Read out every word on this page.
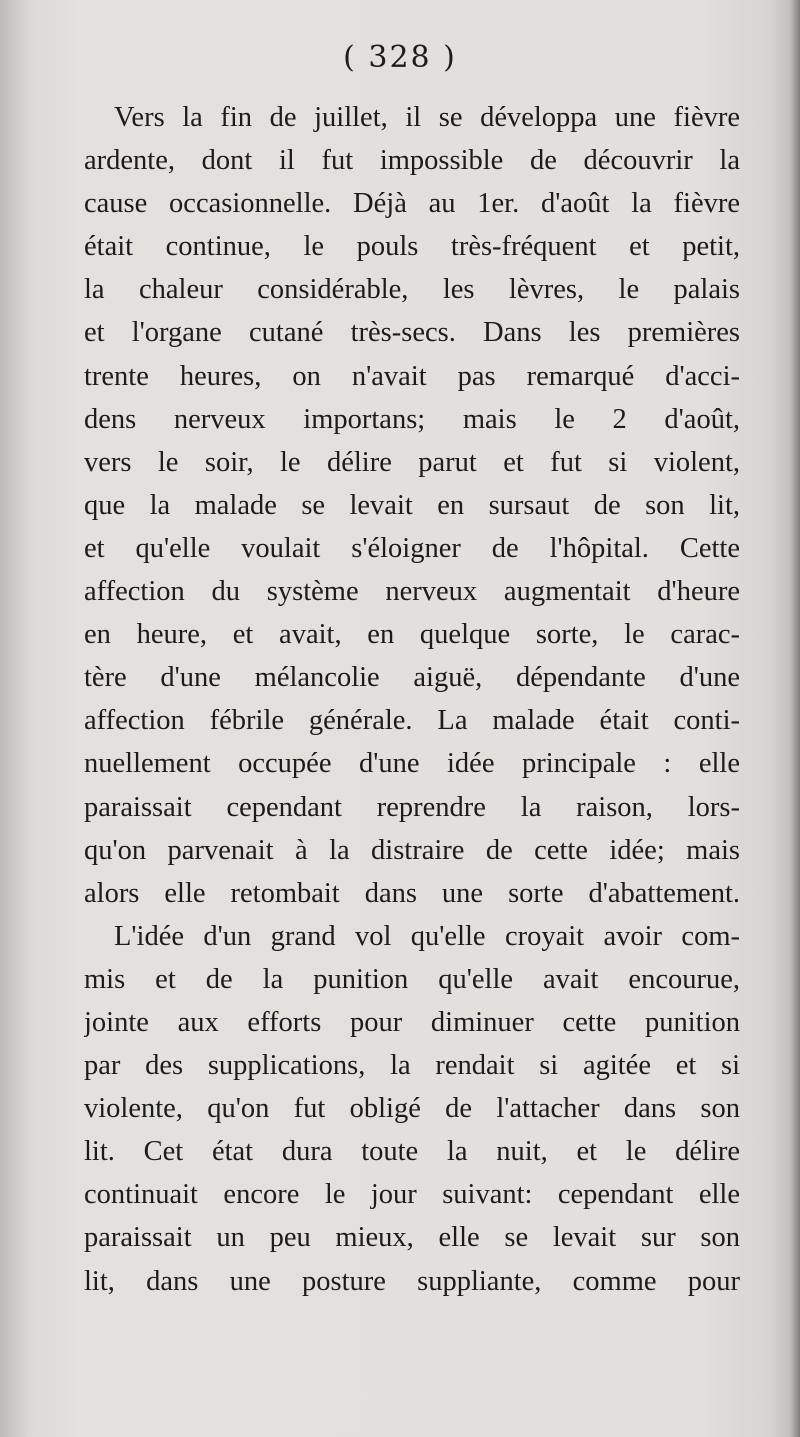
( 328 )
Vers la fin de juillet, il se développa une fièvre
ardente, dont il fut impossible de découvrir la
cause occasionnelle. Déjà au 1er. d'août la fièvre
était continue, le pouls très-fréquent et petit,
la chaleur considérable, les lèvres, le palais
et l'organe cutané très-secs. Dans les premières
trente heures, on n'avait pas remarqué d'acci-
dens nerveux importans; mais le 2 d'août,
vers le soir, le délire parut et fut si violent,
que la malade se levait en sursaut de son lit,
et qu'elle voulait s'éloigner de l'hôpital. Cette
affection du système nerveux augmentait d'heure
en heure, et avait, en quelque sorte, le carac-
tère d'une mélancolie aiguë, dépendante d'une
affection fébrile générale. La malade était conti-
nuellement occupée d'une idée principale : elle
paraissait cependant reprendre la raison, lors-
qu'on parvenait à la distraire de cette idée; mais
alors elle retombait dans une sorte d'abattement.
L'idée d'un grand vol qu'elle croyait avoir com-
mis et de la punition qu'elle avait encourue,
jointe aux efforts pour diminuer cette punition
par des supplications, la rendait si agitée et si
violente, qu'on fut obligé de l'attacher dans son
lit. Cet état dura toute la nuit, et le délire
continuait encore le jour suivant: cependant elle
paraissait un peu mieux, elle se levait sur son
lit, dans une posture suppliante, comme pour
